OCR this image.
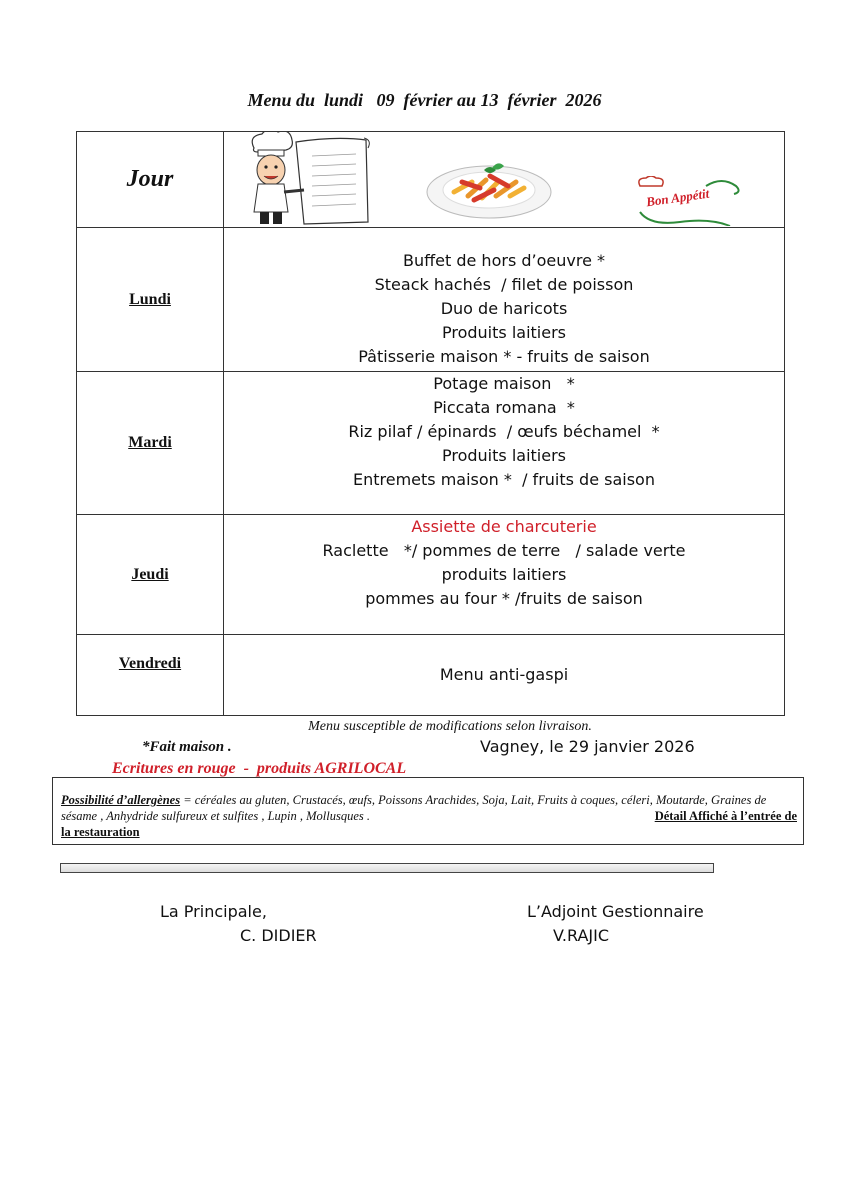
Menu du  lundi   09  février au 13  février  2026
Jour	Bon Appétit

Lundi	Buffet de hors d’oeuvre *
Steack hachés  / filet de poisson
Duo de haricots
Produits laitiers
Pâtisserie maison * - fruits de saison

Mardi	Potage maison   *
Piccata romana  *
Riz pilaf / épinards  / œufs béchamel  *
Produits laitiers
Entremets maison *  / fruits de saison

Jeudi	Assiette de charcuterie
Raclette   */ pommes de terre   / salade verte
produits laitiers
pommes au four * /fruits de saison

Vendredi	Menu anti-gaspi
Menu susceptible de modifications selon livraison.
*Fait maison .	Vagney, le 29 janvier 2026
Ecritures en rouge  -  produits AGRILOCAL
Possibilité d’allergènes = céréales au gluten, Crustacés, œufs, Poissons Arachides, Soja, Lait, Fruits à coques, céleri, Moutarde, Graines de sésame , Anhydride sulfureux et sulfites , Lupin , Mollusques .	Détail Affiché à l’entrée de

la restauration
La Principale,
C. DIDIER
L’Adjoint Gestionnaire
V.RAJIC
